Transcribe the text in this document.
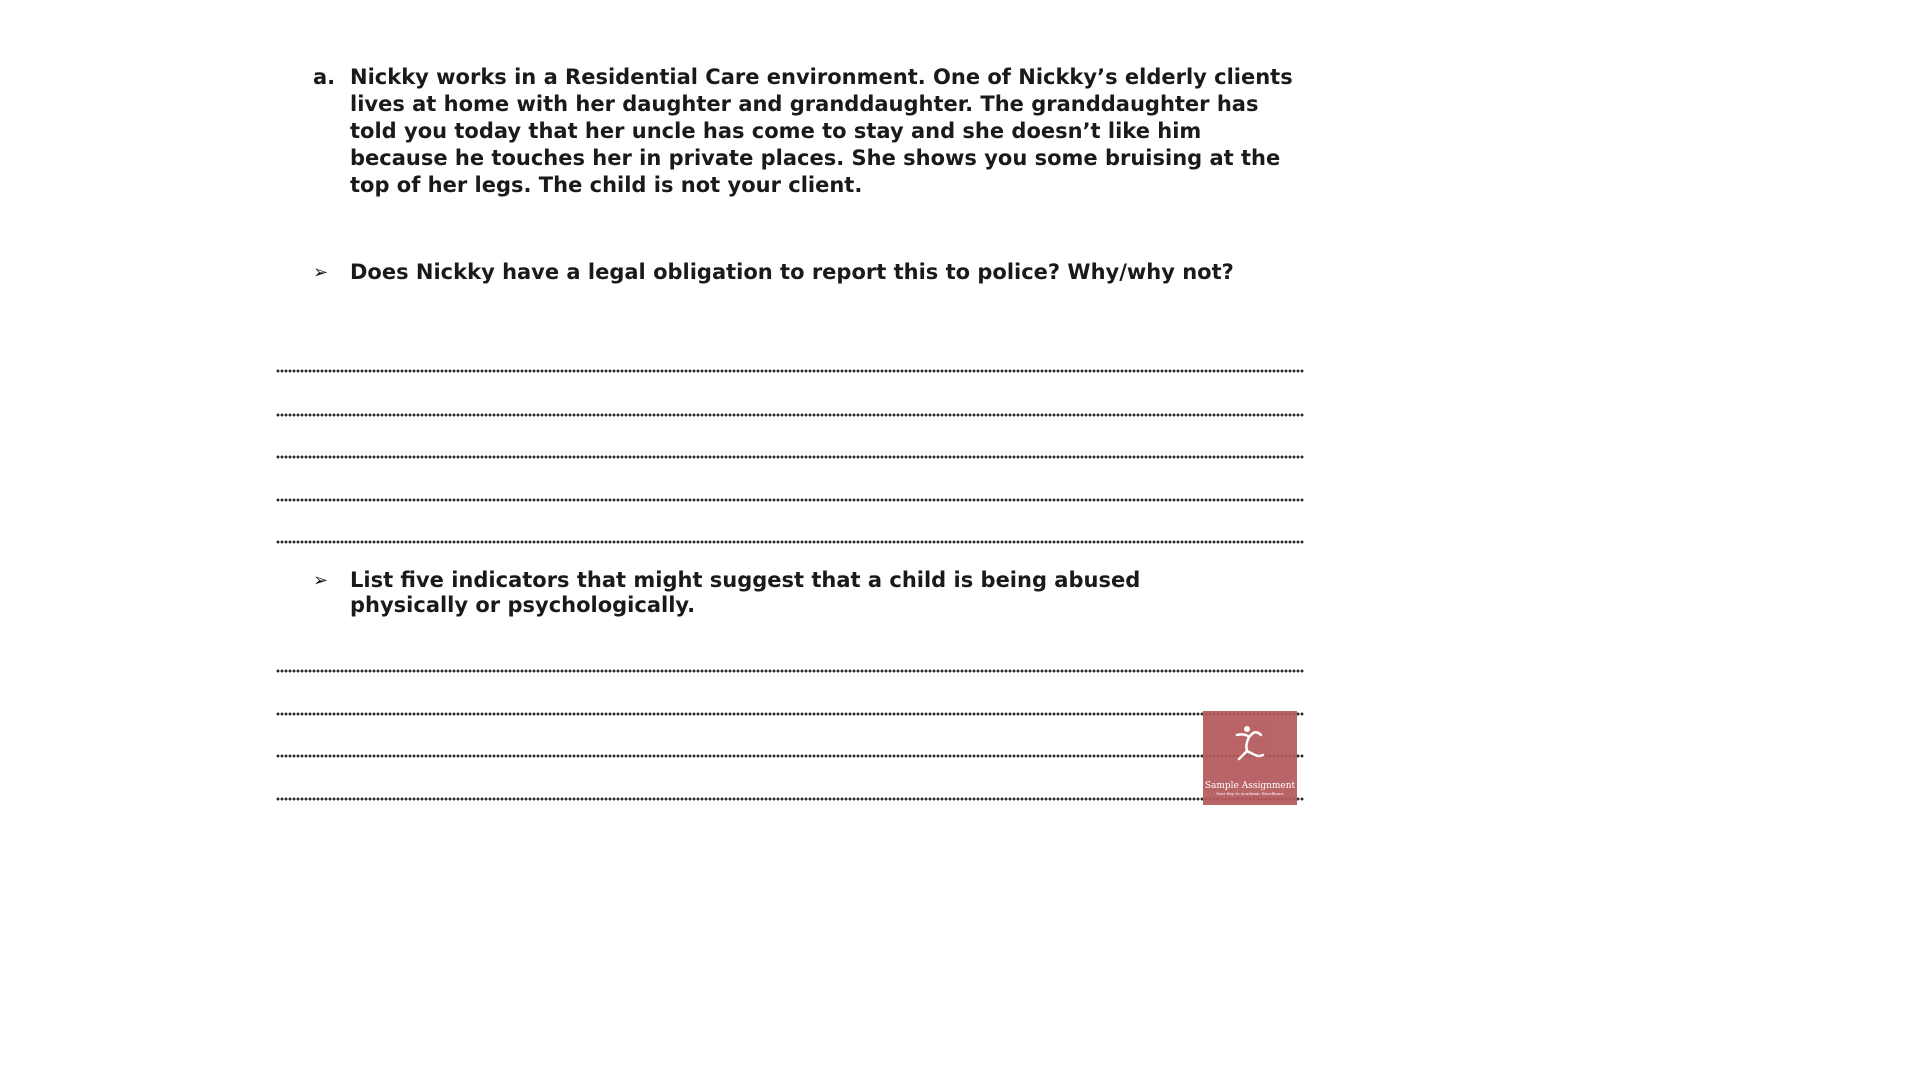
a. Nickky works in a Residential Care environment. One of Nickky’s elderly clients lives at home with her daughter and granddaughter. The granddaughter has told you today that her uncle has come to stay and she doesn’t like him because he touches her in private places. She shows you some bruising at the top of her legs. The child is not your client.
➢	Does Nickky have a legal obligation to report this to police? Why/why not?
➢	List five indicators that might suggest that a child is being abused physically or psychologically.
Sample Assignment
Your Key to Academic Excellence
